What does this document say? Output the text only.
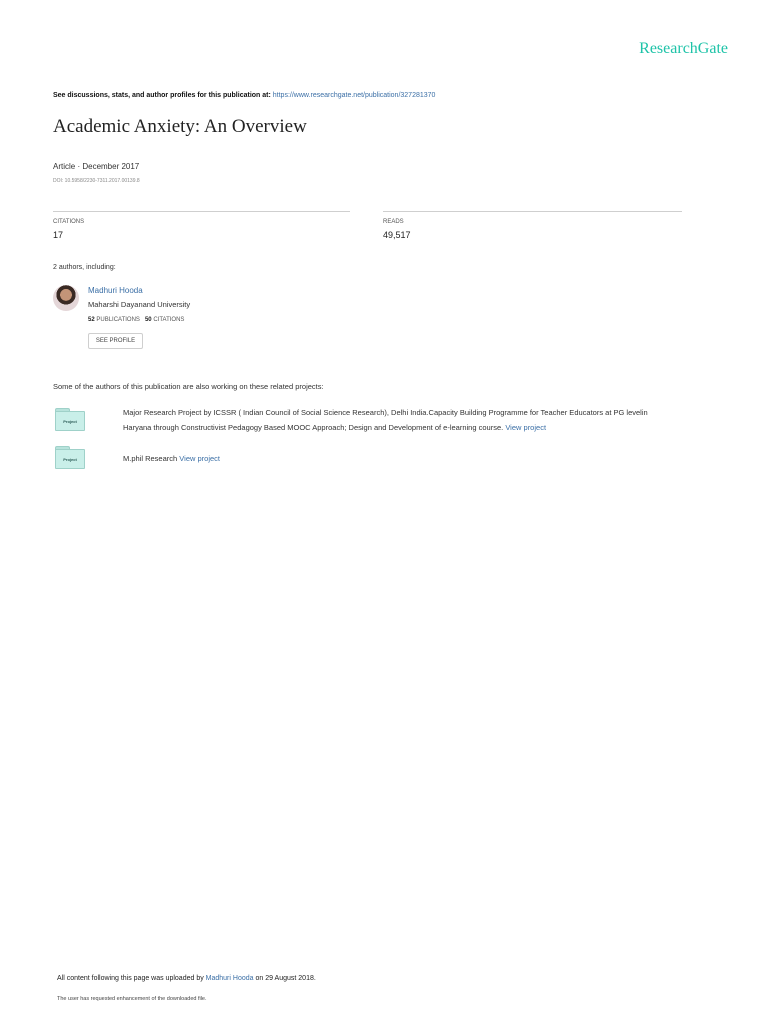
ResearchGate
See discussions, stats, and author profiles for this publication at: https://www.researchgate.net/publication/327281370
Academic Anxiety: An Overview
Article · December 2017
DOI: 10.5958/2230-7311.2017.00139.8
CITATIONS
17
READS
49,517
2 authors, including:
Madhuri Hooda
Maharshi Dayanand University
52 PUBLICATIONS 50 CITATIONS
SEE PROFILE
Some of the authors of this publication are also working on these related projects:
Project
Major Research Project by ICSSR ( Indian Council of Social Science Research), Delhi India.Capacity Building Programme for Teacher Educators at PG levelin
Haryana through Constructivist Pedagogy Based MOOC Approach; Design and Development of e-learning course. View project
Project	M.phil Research View project
All content following this page was uploaded by Madhuri Hooda on 29 August 2018.
The user has requested enhancement of the downloaded file.
